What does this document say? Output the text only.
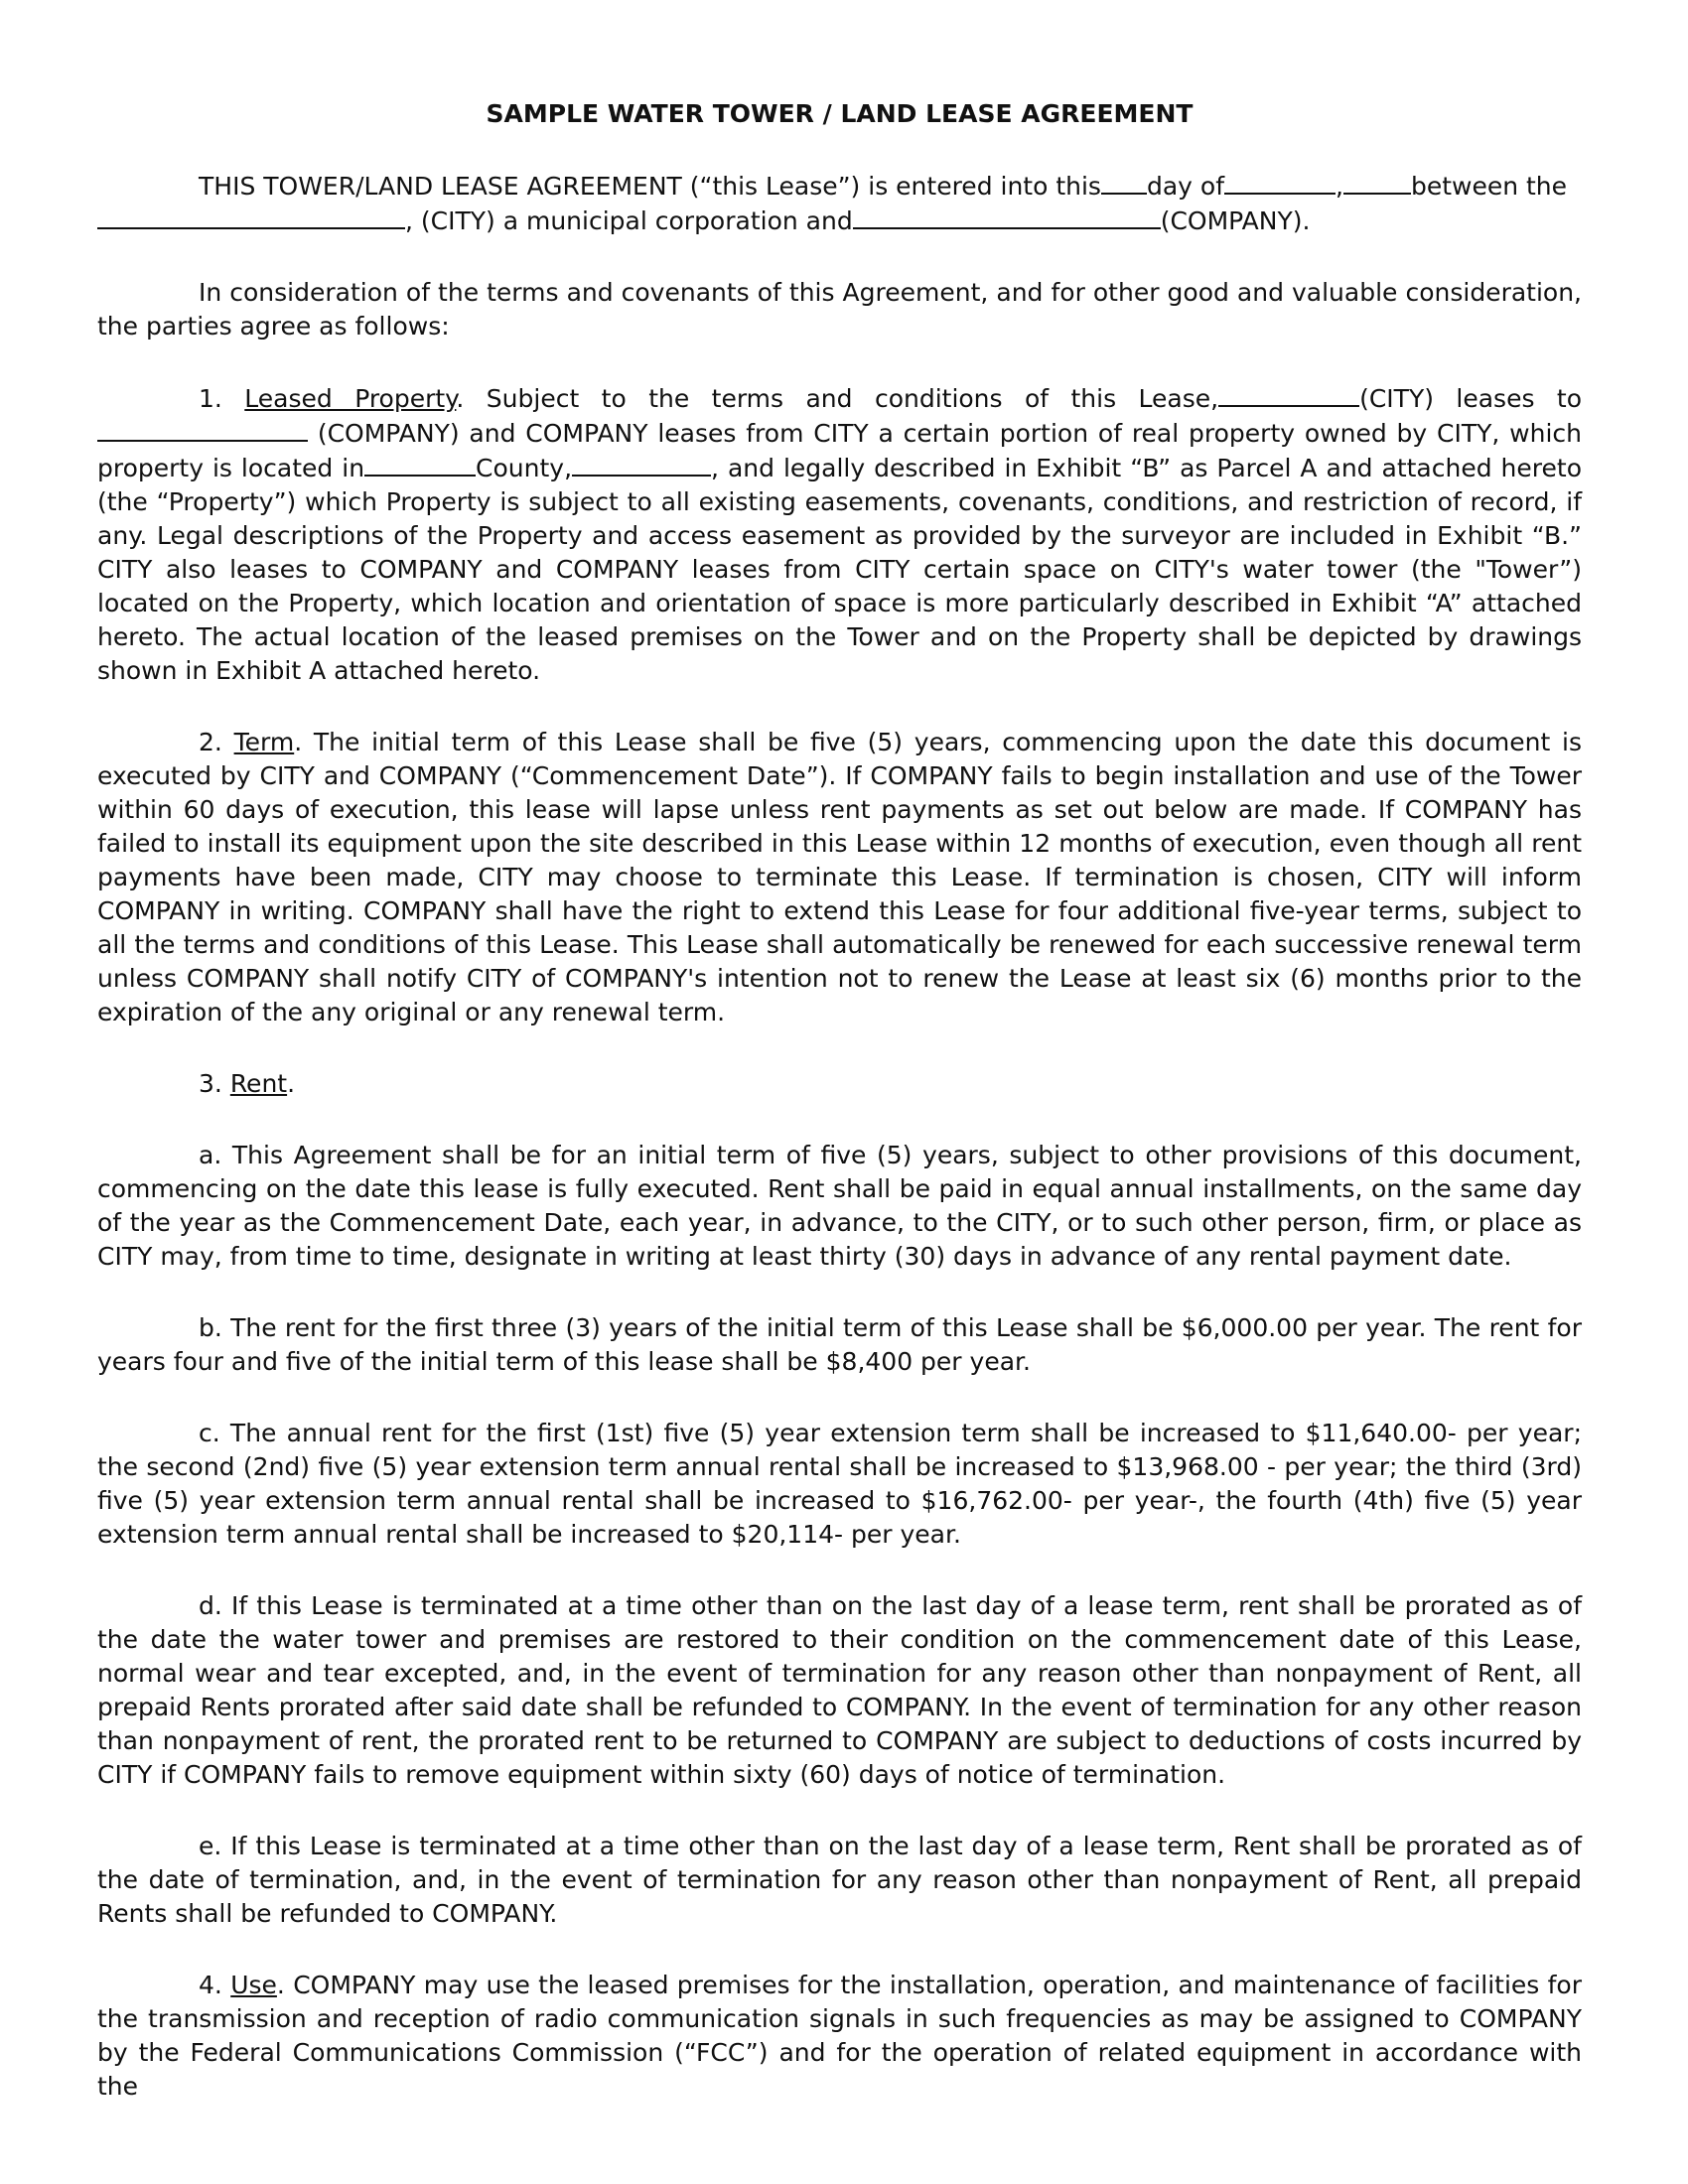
SAMPLE WATER TOWER / LAND LEASE AGREEMENT

THIS TOWER/LAND LEASE AGREEMENT (“this Lease”) is entered into this day of	,	between the
, (CITY) a municipal corporation and	(COMPANY).

In consideration of the terms and covenants of this Agreement, and for other good and valuable consideration, the parties agree as follows:

1. Leased Property. Subject to the terms and conditions of this Lease,	(CITY) leases to  (COMPANY) and COMPANY leases from CITY a certain portion of real property owned by CITY, which property is located in	County,	, and legally described in Exhibit “B” as Parcel A and attached hereto (the “Property”) which Property is subject to all existing easements, covenants, conditions, and restriction of record, if any. Legal descriptions of the Property and access easement as provided by the surveyor are included in Exhibit “B.” CITY also leases to COMPANY and COMPANY leases from CITY certain space on CITY's water tower (the "Tower”) located on the Property, which location and orientation of space is more particularly described in Exhibit “A” attached hereto. The actual location of the leased premises on the Tower and on the Property shall be depicted by drawings shown in Exhibit A attached hereto.

2. Term. The initial term of this Lease shall be five (5) years, commencing upon the date this document is executed by CITY and COMPANY (“Commencement Date”). If COMPANY fails to begin installation and use of the Tower within 60 days of execution, this lease will lapse unless rent payments as set out below are made. If COMPANY has failed to install its equipment upon the site described in this Lease within 12 months of execution, even though all rent payments have been made, CITY may choose to terminate this Lease. If termination is chosen, CITY will inform COMPANY in writing. COMPANY shall have the right to extend this Lease for four additional five-year terms, subject to all the terms and conditions of this Lease. This Lease shall automatically be renewed for each successive renewal term unless COMPANY shall notify CITY of COMPANY's intention not to renew the Lease at least six (6) months prior to the expiration of the any original or any renewal term.

3. Rent.

a. This Agreement shall be for an initial term of five (5) years, subject to other provisions of this document, commencing on the date this lease is fully executed. Rent shall be paid in equal annual installments, on the same day of the year as the Commencement Date, each year, in advance, to the CITY, or to such other person, firm, or place as CITY may, from time to time, designate in writing at least thirty (30) days in advance of any rental payment date.

b. The rent for the first three (3) years of the initial term of this Lease shall be $6,000.00 per year. The rent for years four and five of the initial term of this lease shall be $8,400 per year.

c. The annual rent for the first (1st) five (5) year extension term shall be increased to $11,640.00- per year; the second (2nd) five (5) year extension term annual rental shall be increased to $13,968.00 - per year; the third (3rd) five (5) year extension term annual rental shall be increased to $16,762.00- per year-, the fourth (4th) five (5) year extension term annual rental shall be increased to $20,114- per year.

d. If this Lease is terminated at a time other than on the last day of a lease term, rent shall be prorated as of the date the water tower and premises are restored to their condition on the commencement date of this Lease, normal wear and tear excepted, and, in the event of termination for any reason other than nonpayment of Rent, all prepaid Rents prorated after said date shall be refunded to COMPANY. In the event of termination for any other reason than nonpayment of rent, the prorated rent to be returned to COMPANY are subject to deductions of costs incurred by CITY if COMPANY fails to remove equipment within sixty (60) days of notice of termination.

e. If this Lease is terminated at a time other than on the last day of a lease term, Rent shall be prorated as of the date of termination, and, in the event of termination for any reason other than nonpayment of Rent, all prepaid Rents shall be refunded to COMPANY.

4. Use. COMPANY may use the leased premises for the installation, operation, and maintenance of facilities for the transmission and reception of radio communication signals in such frequencies as may be assigned to COMPANY by the Federal Communications Commission (“FCC”) and for the operation of related equipment in accordance with the
